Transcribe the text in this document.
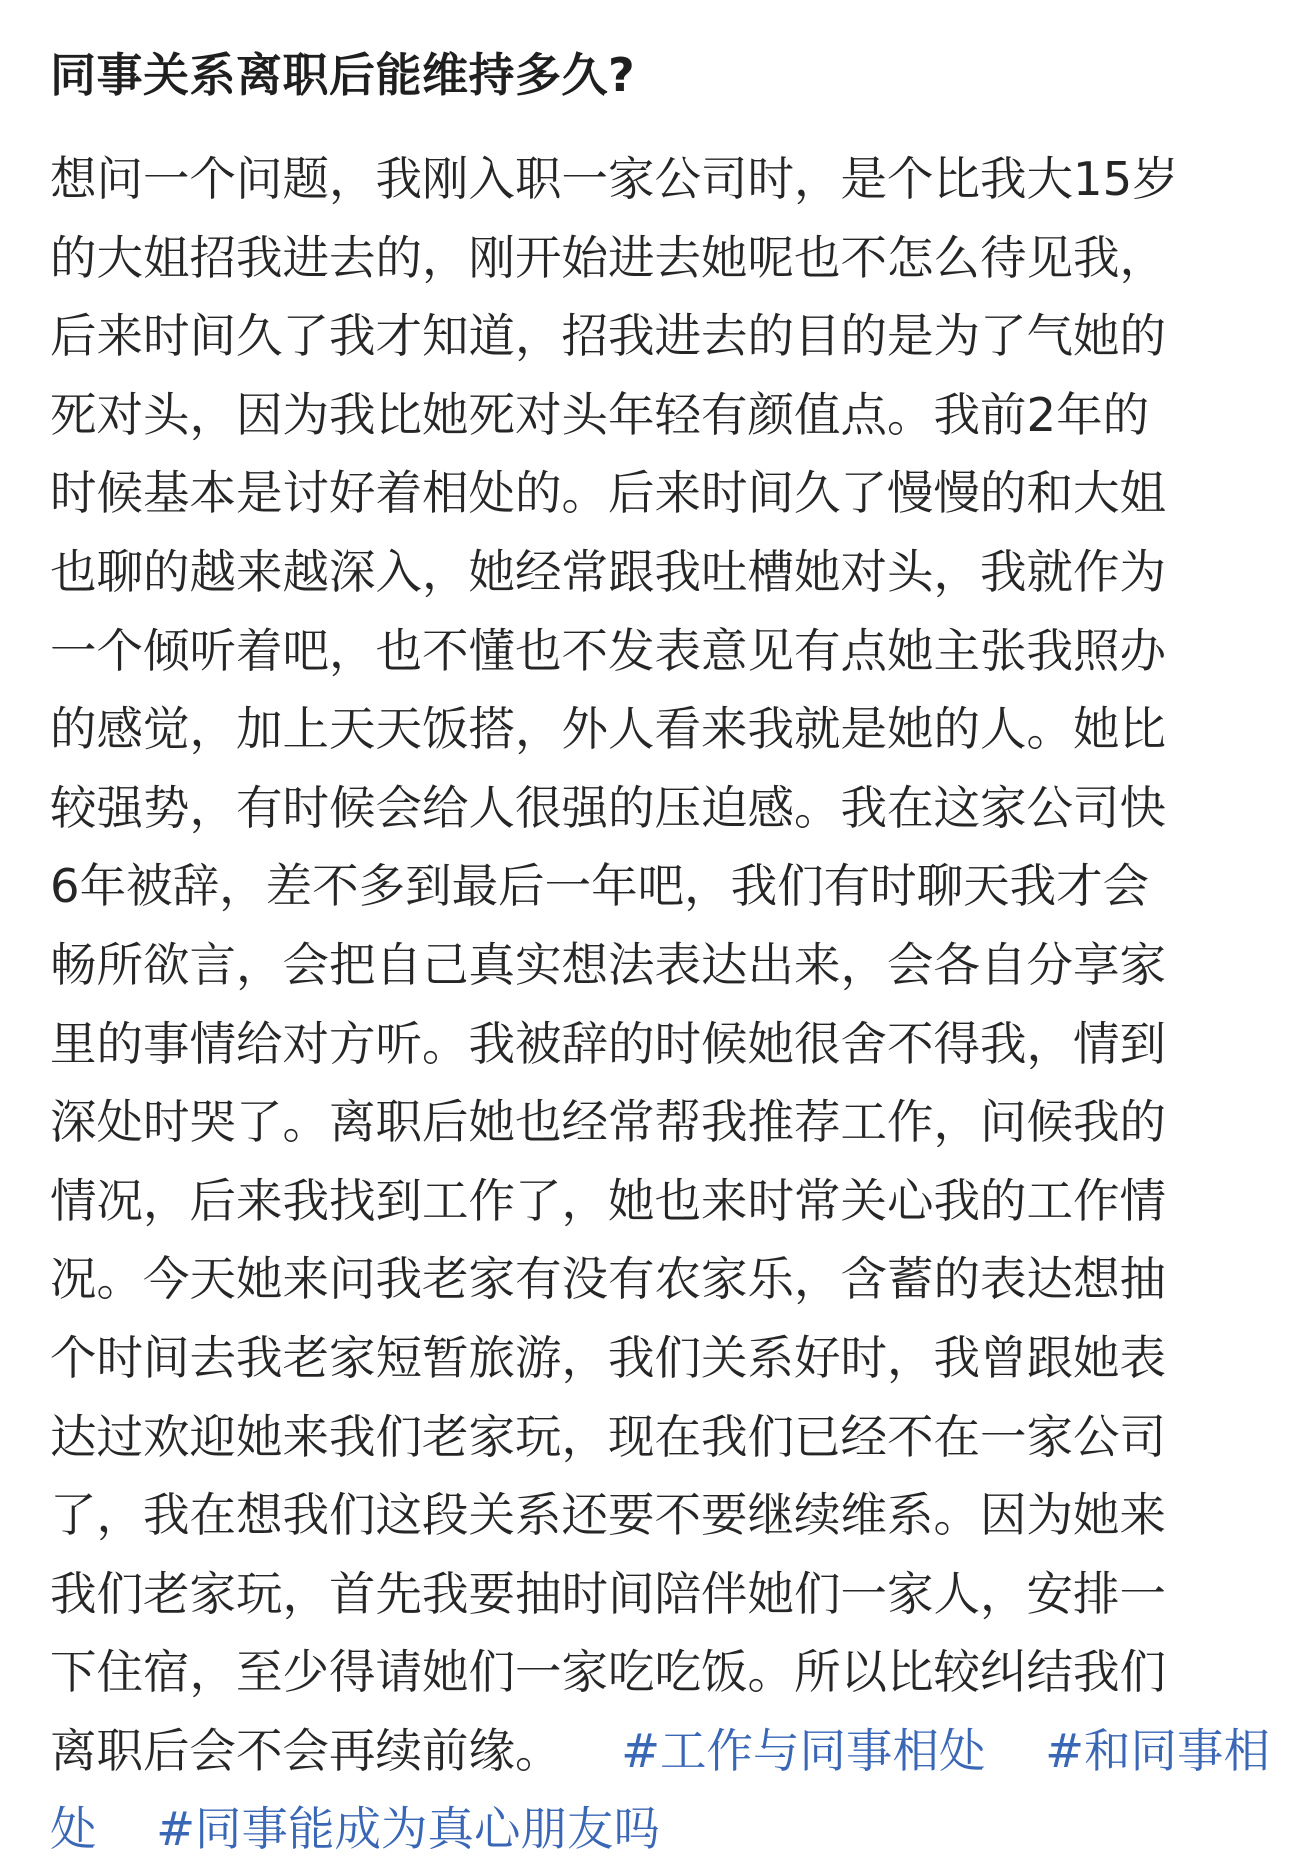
同事关系离职后能维持多久?
想问一个问题，我刚入职一家公司时，是个比我大15岁
的大姐招我进去的，刚开始进去她呢也不怎么待见我，
后来时间久了我才知道，招我进去的目的是为了气她的
死对头，因为我比她死对头年轻有颜值点。我前2年的
时候基本是讨好着相处的。后来时间久了慢慢的和大姐
也聊的越来越深入，她经常跟我吐槽她对头，我就作为
一个倾听着吧，也不懂也不发表意见有点她主张我照办
的感觉，加上天天饭搭，外人看来我就是她的人。她比
较强势，有时候会给人很强的压迫感。我在这家公司快
6年被辞，差不多到最后一年吧，我们有时聊天我才会
畅所欲言，会把自己真实想法表达出来，会各自分享家
里的事情给对方听。我被辞的时候她很舍不得我，情到
深处时哭了。离职后她也经常帮我推荐工作，问候我的
情况，后来我找到工作了，她也来时常关心我的工作情
况。今天她来问我老家有没有农家乐，含蓄的表达想抽
个时间去我老家短暂旅游，我们关系好时，我曾跟她表
达过欢迎她来我们老家玩，现在我们已经不在一家公司
了，我在想我们这段关系还要不要继续维系。因为她来
我们老家玩，首先我要抽时间陪伴她们一家人，安排一
下住宿，至少得请她们一家吃吃饭。所以比较纠结我们
离职后会不会再续前缘。 #工作与同事相处 #和同事相
处 #同事能成为真心朋友吗
